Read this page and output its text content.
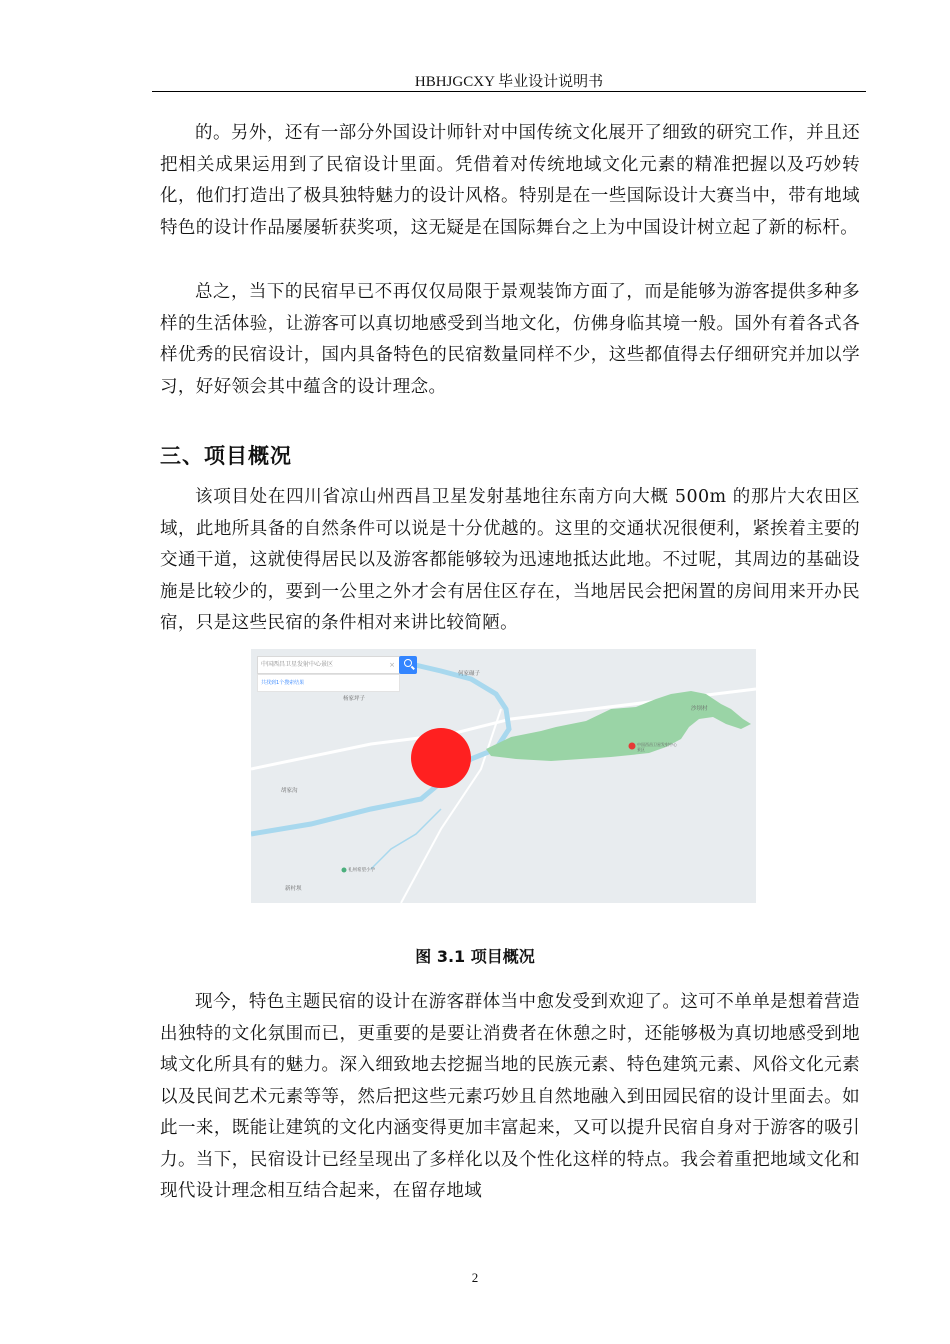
HBHJGCXY 毕业设计说明书

的。另外，还有一部分外国设计师针对中国传统文化展开了细致的研究工作，并且还把相关成果运用到了民宿设计里面。凭借着对传统地域文化元素的精准把握以及巧妙转化，他们打造出了极具独特魅力的设计风格。特别是在一些国际设计大赛当中，带有地域特色的设计作品屡屡斩获奖项，这无疑是在国际舞台之上为中国设计树立起了新的标杆。

总之，当下的民宿早已不再仅仅局限于景观装饰方面了，而是能够为游客提供多种多样的生活体验，让游客可以真切地感受到当地文化，仿佛身临其境一般。国外有着各式各样优秀的民宿设计，国内具备特色的民宿数量同样不少，这些都值得去仔细研究并加以学习，好好领会其中蕴含的设计理念。

三、项目概况

该项目处在四川省凉山州西昌卫星发射基地往东南方向大概 500m 的那片大农田区域，此地所具备的自然条件可以说是十分优越的。这里的交通状况很便利，紧挨着主要的交通干道，这就使得居民以及游客都能够较为迅速地抵达此地。不过呢，其周边的基础设施是比较少的，要到一公里之外才会有居住区存在，当地居民会把闲置的房间用来开办民宿，只是这些民宿的条件相对来讲比较简陋。

中国西昌卫星发射中心景区	×
共找到1个搜索结果
何家碾子
杨家坪子
胡家沟
中国西昌卫星发射中心景区
沙坝村
礼州希望小学
新村坝
图 3.1 项目概况

现今，特色主题民宿的设计在游客群体当中愈发受到欢迎了。这可不单单是想着营造出独特的文化氛围而已，更重要的是要让消费者在休憩之时，还能够极为真切地感受到地域文化所具有的魅力。深入细致地去挖掘当地的民族元素、特色建筑元素、风俗文化元素以及民间艺术元素等等，然后把这些元素巧妙且自然地融入到田园民宿的设计里面去。如此一来，既能让建筑的文化内涵变得更加丰富起来，又可以提升民宿自身对于游客的吸引力。当下，民宿设计已经呈现出了多样化以及个性化这样的特点。我会着重把地域文化和现代设计理念相互结合起来，在留存地域

2
